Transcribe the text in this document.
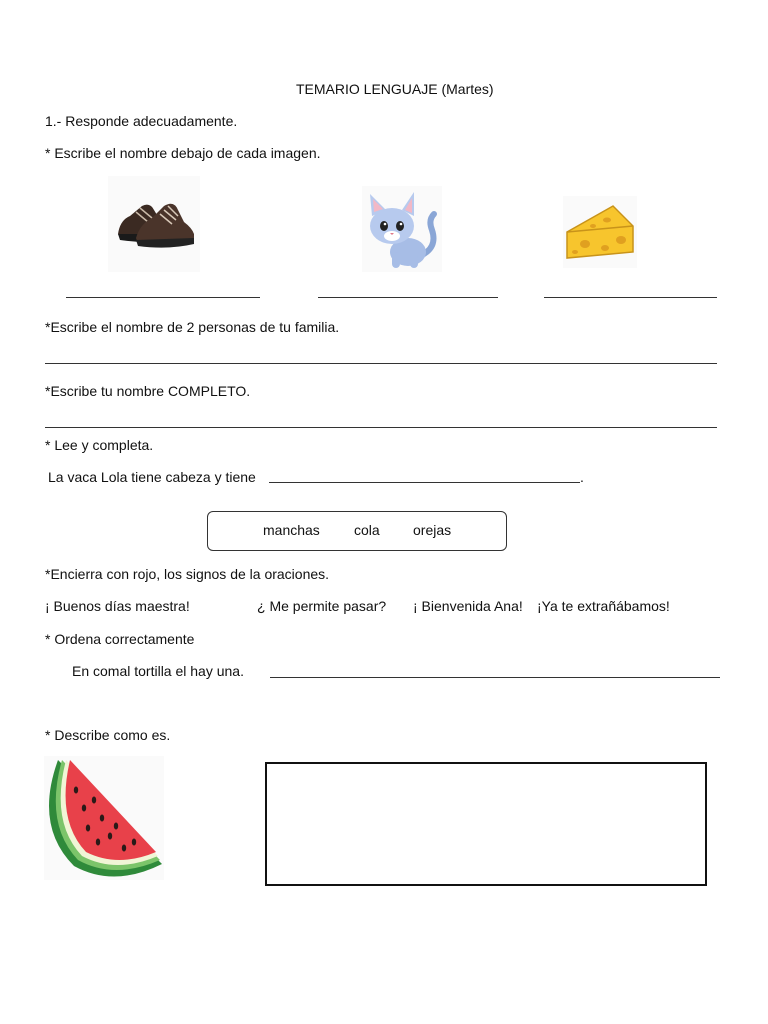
TEMARIO LENGUAJE (Martes)
1.- Responde adecuadamente.
* Escribe el nombre debajo de cada imagen.
*Escribe el nombre de 2 personas de tu familia.
*Escribe tu nombre COMPLETO.
* Lee y completa.
La vaca Lola tiene cabeza y tiene	.
manchas cola orejas
*Encierra con rojo, los signos de la oraciones.
¡ Buenos días maestra!	¿ Me permite pasar? ¡ Bienvenida Ana! ¡Ya te extrañábamos!
* Ordena correctamente
En comal tortilla el hay una.
* Describe como es.
